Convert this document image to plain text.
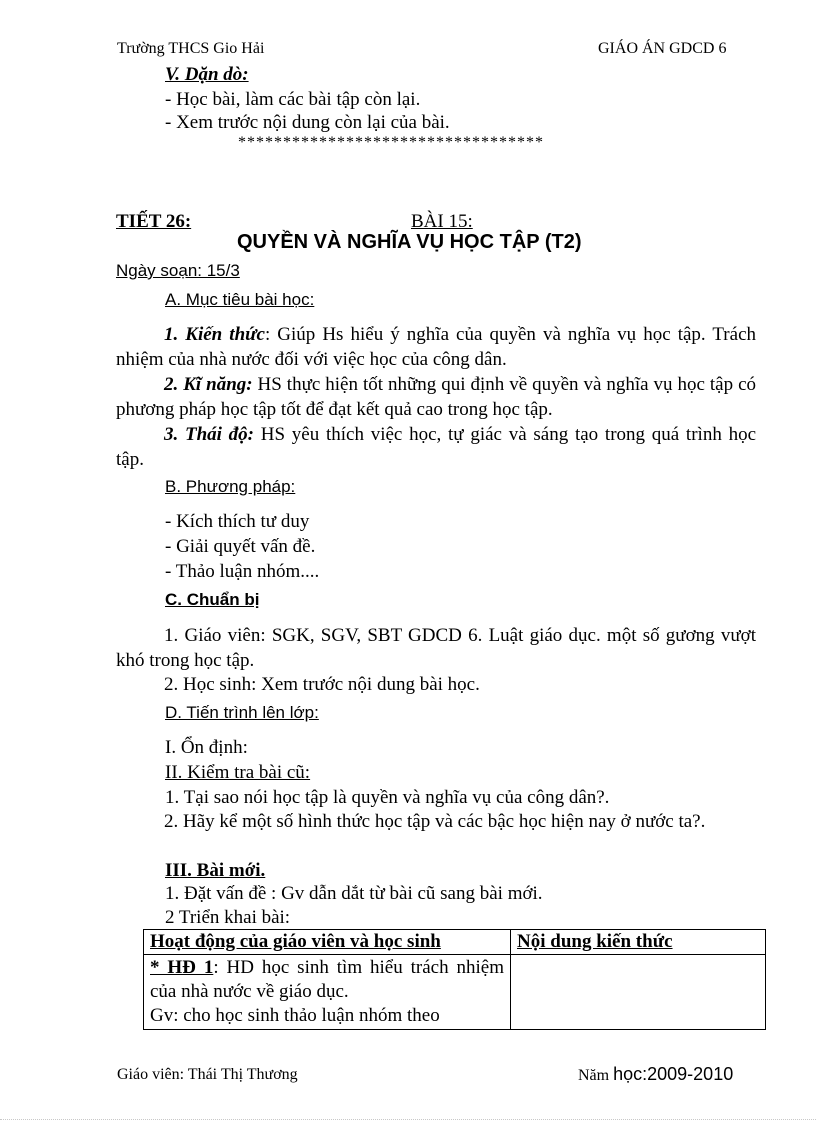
Trường THCS Gio Hải	GIÁO ÁN GDCD 6
V. Dặn dò:
- Học bài, làm các bài tập còn lại.
- Xem trước nội dung còn lại của bài.
**********************************
TIẾT 26:	BÀI 15:
QUYỀN VÀ NGHĨA VỤ HỌC TẬP (T2)
Ngày soạn: 15/3
A. Mục tiêu bài học:
1. Kiến thức: Giúp Hs hiểu ý nghĩa của quyền và nghĩa vụ học tập. Trách nhiệm của nhà nước đối với việc học của công dân.
2. Kĩ năng: HS thực hiện tốt những qui định về quyền và nghĩa vụ học tập có phương pháp học tập tốt để đạt kết quả cao trong học tập.
3. Thái độ: HS yêu thích việc học, tự giác và sáng tạo trong quá trình học tập.
B. Phương pháp:
- Kích thích tư duy
- Giải quyết vấn đề.
- Thảo luận nhóm....
C. Chuẩn bị
1. Giáo viên: SGK, SGV, SBT GDCD 6. Luật giáo dục. một số gương vượt khó trong học tập.
2. Học sinh: Xem trước nội dung bài học.
D. Tiến trình lên lớp:
I. Ổn định:
II. Kiểm tra bài cũ:
1. Tại sao nói học tập là quyền và nghĩa vụ của công dân?.
2. Hãy kể một số hình thức học tập và các bậc học hiện nay ở nước ta?.
III. Bài mới.
1. Đặt vấn đề : Gv dẫn dắt từ bài cũ sang bài mới.
2 Triển khai bài:
Hoạt động của giáo viên và học sinh	Nội dung kiến thức
* HĐ 1: HD học sinh tìm hiểu trách nhiệm của nhà nước về giáo dục.
Gv: cho học sinh thảo luận nhóm theo	
Giáo viên: Thái Thị Thương	Năm học:2009-2010
